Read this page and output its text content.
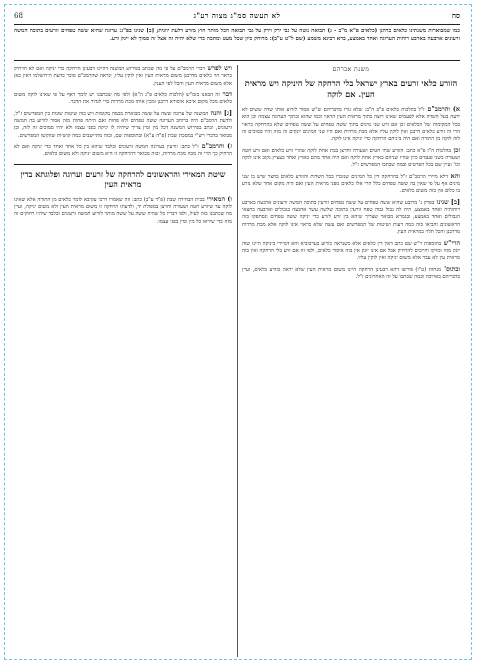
סח
לא תעשה סמ"ג מצוה רע"ג
68
כמו שמבוארות משנתינו כלאים ברהנן (כלאים פ"א מ"ב - ג) תבואה נוטה על גבי ירק וירק על גבי תבואה הכל מותר חוץ מזרע דלעת יוונית; [ב] שנינו בפ"ג: ערוגה שהיא ששה טפחים זורעים בתוכה חמשה זרעונים ארבעה בארבע רוחות הערוגה ואחד באמצע, ברא רבינא משמע (שם ל"ט ע"ב): מרוחק כיון שכל מעט ומתכה כדי שלא יהיה זה אצל זה סמוך לא יינק ורע.
משנת אברהם
הזורע כלאי זרעים בארץ ישראל בלי הרחקה של היניקה ויש מראית העין. אם לוקה

א) והרמב"ם ז"ל בהלכות כלאים פ"ב ה"ב: שלא גזרו מדבריהם ש"ש אסור לזרוע אותו שדה ששים לא ידעה בעל השדה אלא לפעמים שאינו רוצה בתוך מראית העין הראוי וכמו שהוא ובתוך הערוגה עצמה וכן הוא בכל המקומות של הכלאים וכן אם זרע שני מינים בתוך ששה טפחים על ששה טפחים שלא בהרחקה כראוי הרי זה זורע כלאים דרבנן ואין לוקין עליו אלא מכת מרדות ואם היו שני המינים יונקים זה מזה והיו סמוכים זה לזה לוקה מן התורה ואם היה ביניהם הרחקה כדי יניקה אינו לוקה.

זכן בהלכות ה"ז פ"א כתב: הזורע שתי חטים ושעורה וחרצן בבת אחת לוקה שהרי זרע כלאים ואם זרע חטה ושעורה בשני פעמים כיון שהיו שניהם בארץ אחת לוקה ואם היה אחד מהם בארץ ואחד בעציץ נקוב אינו לוקה וכו' ועיין שם בכל הפרטים ובמה שכתבו המפרשים ז"ל.

והא דלא מיירי הרמב"ם ז"ל בהרחקה דין כל המינים שנזכרו בכל השדות והזורע כלאים בחצר שיש בו שני מינים אף על פי שאין בה ששה טפחים כלל הרי אלו כלאים מפני מראית העין ואם היה מקום אחר שלא נזרע בו כלום אין בזה משום כלאים.

[ב] שנינו בפרק ג' מרובע שהיא ששה טפחים על ששה טפחים זורעין בתוכה חמשה זרעונים ארבעה בארבע רוחותיה ואחד באמצע, היה לה גבול גבוה טפח זורעין בתוכה שלשה עשר ארבעה בגבולים וארבעה בחצאי הגבולים ואחד באמצע, ובגמרא מבואר שצריך שיהא בין זרע לזרע כדי יניקה ששה טפחים ונסתפקו בזה הראשונים והביאו בזה כמה דעות ושיטות של המפרשים ואם עשה שלא כראוי אינו לוקה אלא מכת מרדות מדרבנן והכל תלוי במראית העין.

הרי"ש בתוספות ר"ש שם כתב דאין דין כלאים אלא כשנראה כזרוע בערבוביא והא דמיירי ביניקה היינו שזה יונק מזה ומזיקו וחייבים להרחיק אבל אם אינו יונק אין בזה איסור כלאים, ולפי זה אם זרע בלי הרחקה ואין בזה מראית עין לא עבר אלא משום יניקה ואין לוקין עליו.

ובתוס' מנחות (ט"ו) פירשו דהא דבעינן הרחקה היינו משום מראית העין שלא יראה כזורע כלאים, ועיין בדבריהם בארוכה ובמה שכתבו על זה האחרונים ז"ל.

ויש לפרש דברי הרמב"ם על פי מה שכתב בפירוש המשנה דהיינו דבעינן הרחקה כדי יניקה ואם לא הרחיק כראוי הוי כלאים מדרבנן משום מראית העין ואין לוקין עליו, ונראה שהרמב"ם סובר כדעת הירושלמי דאין כאן אלא משום מראית העין והכל לפי הענין.

דבר זה הבאנו בזמ"ש (הלכות כלאים פ"ג ה"א) ולפי מה שכתבנו יש לומר דאף על פי שאינו לוקה משום כלאים מכל מקום איכא איסורא דרבנן ומכין אותו מכת מרדות כדי לגדור את הדבר.

[ג] והנה המשנה של ערוגה ששה על ששה מבוארת בכמה מקומות ויש בזה שיטות שונות בין המפרשים ז"ל, ולדעת הרמב"ם היה ברוחב הערוגה ששה טפחים ולא פחות ואם היתה פחות מזה אסור לזרוע בה חמשה זרעונים, וכתב בפירוש המשנה דכל מין ומין צריך שיהיה לו יניקה בפני עצמו ולא יהיו סמוכים זה לזה, וכן מבואר בדברי רש"י במסכת שבת (פ"ה ע"א) ובתוספות שם, ובזה מתיישבים כמה קושיות שהקשו המפרשים.

ז) והרמב"ם ז"ל כתב: זורעין בערוגה חמשה זרעונים ובלבד שיהא בין כל אחד ואחד כדי יניקה ואם לא הרחיק כך הרי זה מכה מכת מרדות, ובזה מבואר דהרחקה זו היא משום יניקה ולא משום כלאים.

שיטת המאירי והראשונים להרחקה של זרעים וערוגה ופלוגתא בדין מראית העין

ו) המאירי בבית הבחירה שבת (פ"ד ע"ב) כתב: וזה שאמרו דרבי עקיבא לומר כלאים מן התורה אלא שאינו לוקה עד שיזרע חטה ושעורה וחרצן במפולת יד, ולדעתו הרחקה זו משום מראית העין ולא משום יניקה, ועיין מה שכתבנו בזה לעיל, ולפי דבריו כל שהיה ששה על ששה מותר לזרוע חמשה זרעונים ובלבד שיהיו רחוקים זה מזה כדי שיראו כל מין ומין בפני עצמו.
